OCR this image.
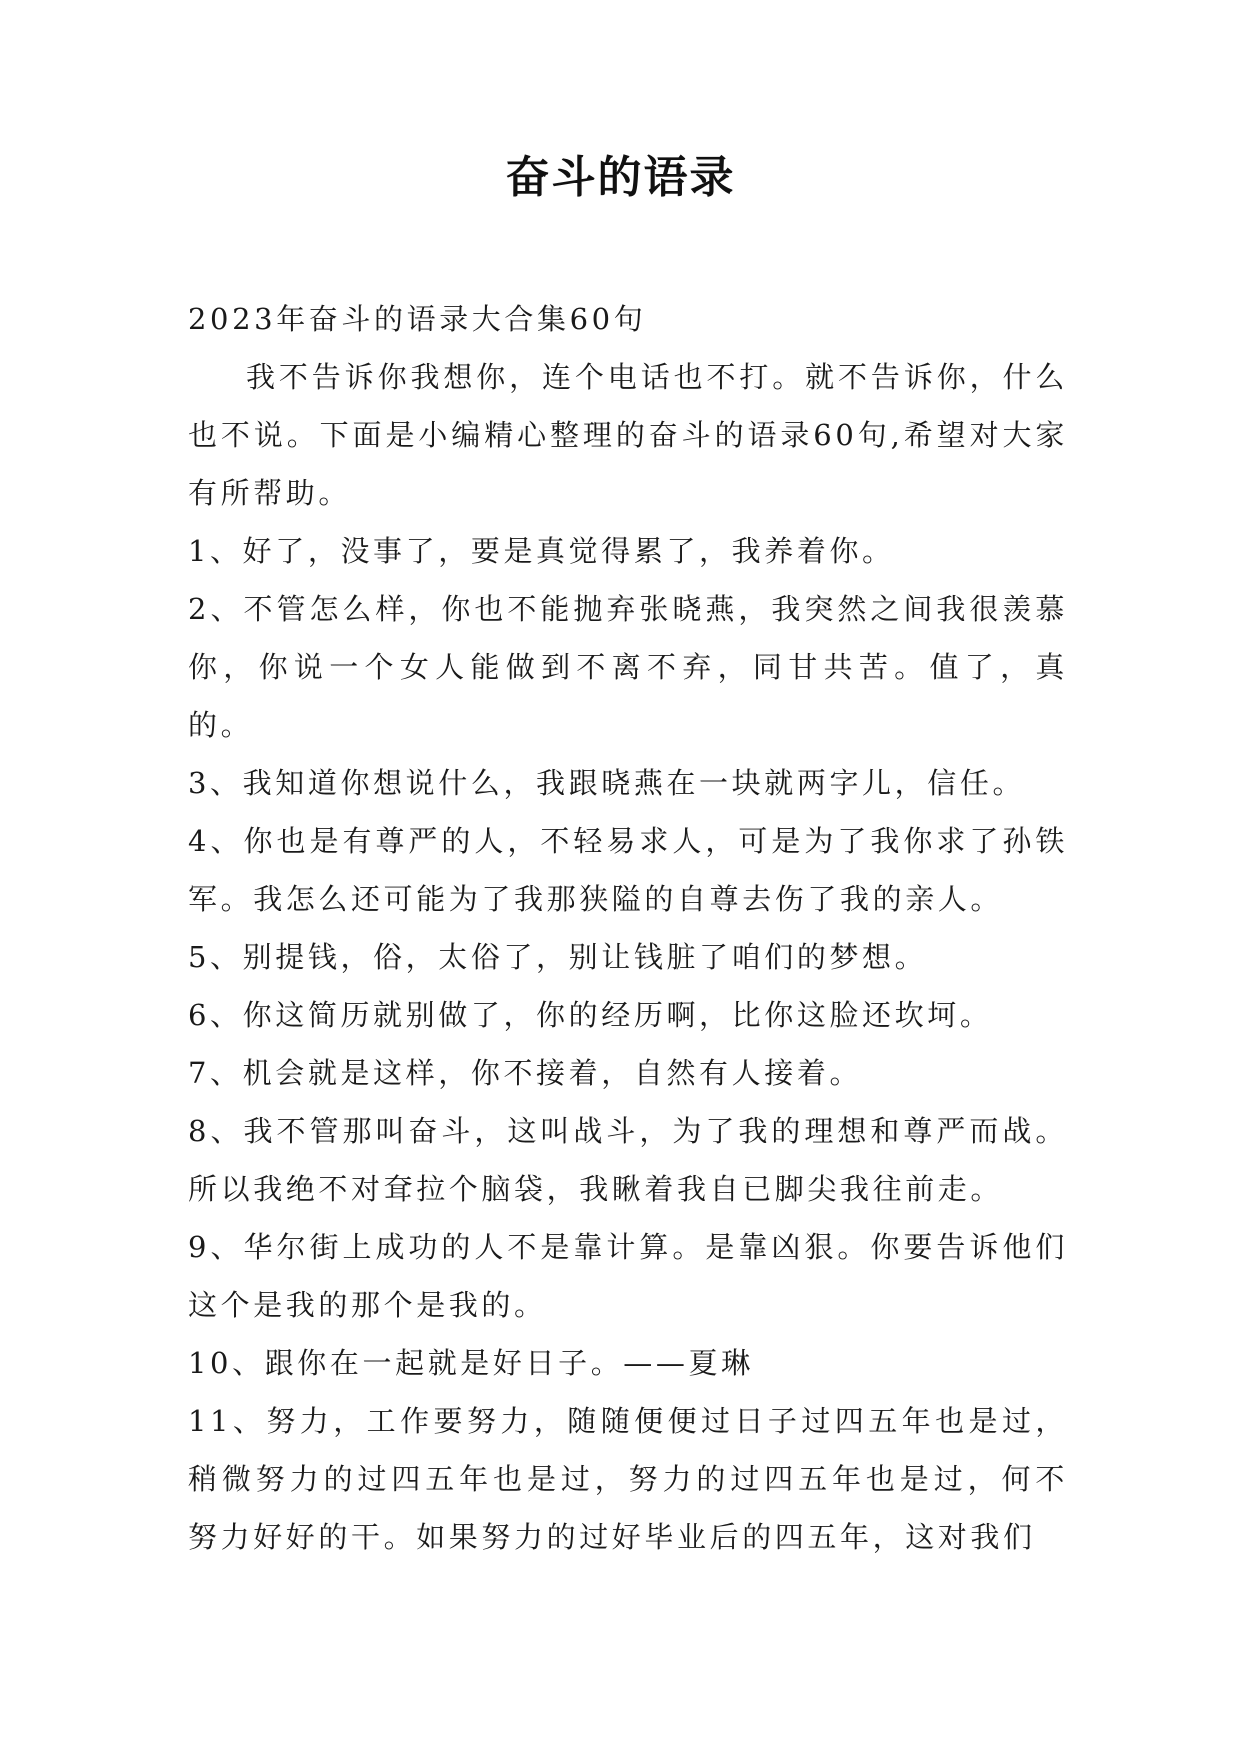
奋斗的语录

2023年奋斗的语录大合集60句

我不告诉你我想你，连个电话也不打。就不告诉你，什么也不说。下面是小编精心整理的奋斗的语录60句,希望对大家有所帮助。

1、好了，没事了，要是真觉得累了，我养着你。

2、不管怎么样，你也不能抛弃张晓燕，我突然之间我很羡慕你，你说一个女人能做到不离不弃，同甘共苦。值了，真的。

3、我知道你想说什么，我跟晓燕在一块就两字儿，信任。

4、你也是有尊严的人，不轻易求人，可是为了我你求了孙铁军。我怎么还可能为了我那狭隘的自尊去伤了我的亲人。

5、别提钱，俗，太俗了，别让钱脏了咱们的梦想。

6、你这简历就别做了，你的经历啊，比你这脸还坎坷。

7、机会就是这样，你不接着，自然有人接着。

8、我不管那叫奋斗，这叫战斗，为了我的理想和尊严而战。所以我绝不对耷拉个脑袋，我瞅着我自已脚尖我往前走。

9、华尔街上成功的人不是靠计算。是靠凶狠。你要告诉他们这个是我的那个是我的。

10、跟你在一起就是好日子。——夏琳

11、努力，工作要努力，随随便便过日子过四五年也是过，稍微努力的过四五年也是过，努力的过四五年也是过，何不努力好好的干。如果努力的过好毕业后的四五年，这对我们
